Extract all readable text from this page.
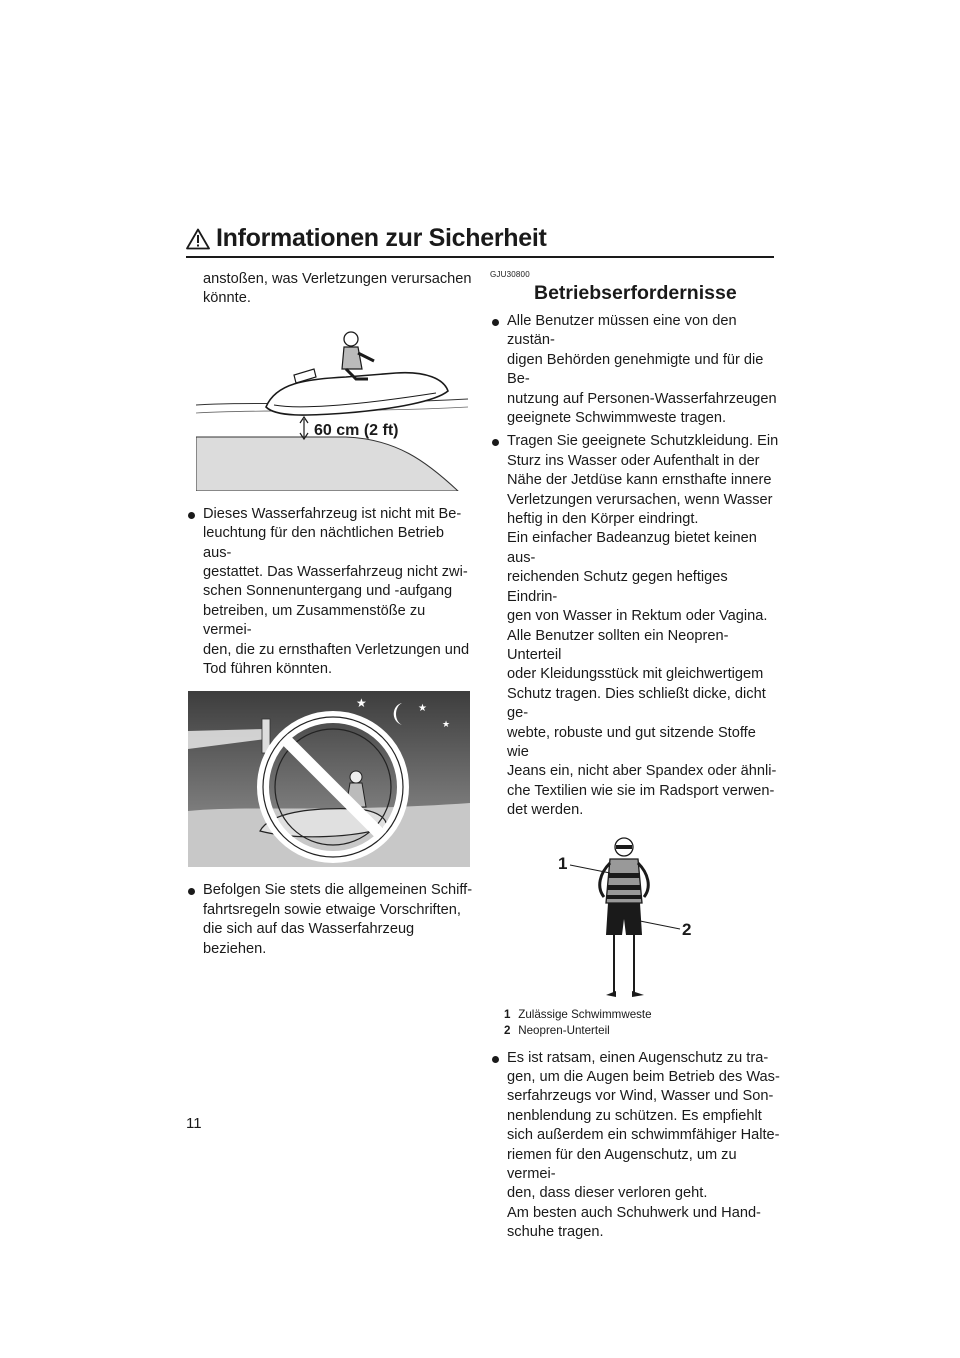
Informationen zur Sicherheit

anstoßen, was Verletzungen verursachen
könnte.

60 cm (2 ft)

Dieses Wasserfahrzeug ist nicht mit Be-
leuchtung für den nächtlichen Betrieb aus-
gestattet. Das Wasserfahrzeug nicht zwi-
schen Sonnenuntergang und -aufgang
betreiben, um Zusammenstöße zu vermei-
den, die zu ernsthaften Verletzungen und
Tod führen könnten.

★	★
★

Befolgen Sie stets die allgemeinen Schiff-
fahrtsregeln sowie etwaige Vorschriften,
die sich auf das Wasserfahrzeug beziehen.

GJU30800

Betriebserfordernisse

Alle Benutzer müssen eine von den zustän-
digen Behörden genehmigte und für die Be-
nutzung auf Personen-Wasserfahrzeugen
geeignete Schwimmweste tragen.

Tragen Sie geeignete Schutzkleidung. Ein
Sturz ins Wasser oder Aufenthalt in der
Nähe der Jetdüse kann ernsthafte innere
Verletzungen verursachen, wenn Wasser
heftig in den Körper eindringt.

Ein einfacher Badeanzug bietet keinen aus-
reichenden Schutz gegen heftiges Eindrin-
gen von Wasser in Rektum oder Vagina.
Alle Benutzer sollten ein Neopren-Unterteil
oder Kleidungsstück mit gleichwertigem
Schutz tragen. Dies schließt dicke, dicht ge-
webte, robuste und gut sitzende Stoffe wie
Jeans ein, nicht aber Spandex oder ähnli-
che Textilien wie sie im Radsport verwen-
det werden.

1
2
1 Zulässige Schwimmweste
2 Neopren-Unterteil

Es ist ratsam, einen Augenschutz zu tra-
gen, um die Augen beim Betrieb des Was-
serfahrzeugs vor Wind, Wasser und Son-
nenblendung zu schützen. Es empfiehlt
sich außerdem ein schwimmfähiger Halte-
riemen für den Augenschutz, um zu vermei-
den, dass dieser verloren geht.

Am besten auch Schuhwerk und Hand-
schuhe tragen.

11
